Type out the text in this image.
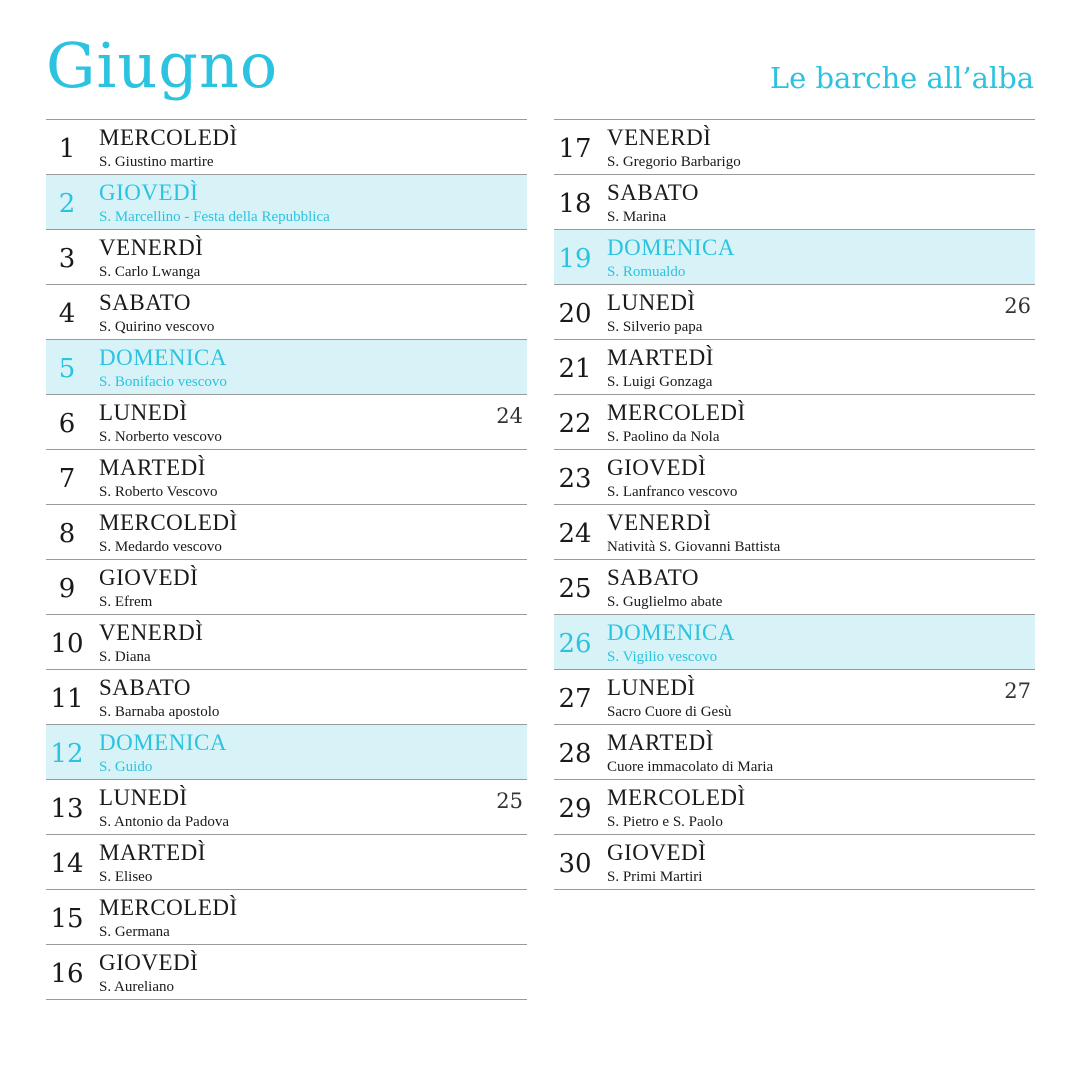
Giugno	Le barche all’alba
1	MERCOLEDÌ
S. Giustino martire
2	GIOVEDÌ
S. Marcellino - Festa della Repubblica
3	VENERDÌ
S. Carlo Lwanga
4	SABATO
S. Quirino vescovo
5	DOMENICA
S. Bonifacio vescovo
6	LUNEDÌ
S. Norberto vescovo
24
7	MARTEDÌ
S. Roberto Vescovo
8	MERCOLEDÌ
S. Medardo vescovo
9	GIOVEDÌ
S. Efrem
10 VENERDÌ
S. Diana
11 SABATO
S. Barnaba apostolo
12 DOMENICA
S. Guido
13 LUNEDÌ
S. Antonio da Padova
25
14 MARTEDÌ
S. Eliseo
15 MERCOLEDÌ
S. Germana
16 GIOVEDÌ
S. Aureliano
17 VENERDÌ
S. Gregorio Barbarigo
18 SABATO
S. Marina
19 DOMENICA
S. Romualdo
20 LUNEDÌ
S. Silverio papa
26
21 MARTEDÌ
S. Luigi Gonzaga
22 MERCOLEDÌ
S. Paolino da Nola
23 GIOVEDÌ
S. Lanfranco vescovo
24 VENERDÌ
Natività S. Giovanni Battista
25 SABATO
S. Guglielmo abate
26 DOMENICA
S. Vigilio vescovo
27 LUNEDÌ
Sacro Cuore di Gesù
27
28 MARTEDÌ
Cuore immacolato di Maria
29 MERCOLEDÌ
S. Pietro e S. Paolo
30 GIOVEDÌ
S. Primi Martiri
